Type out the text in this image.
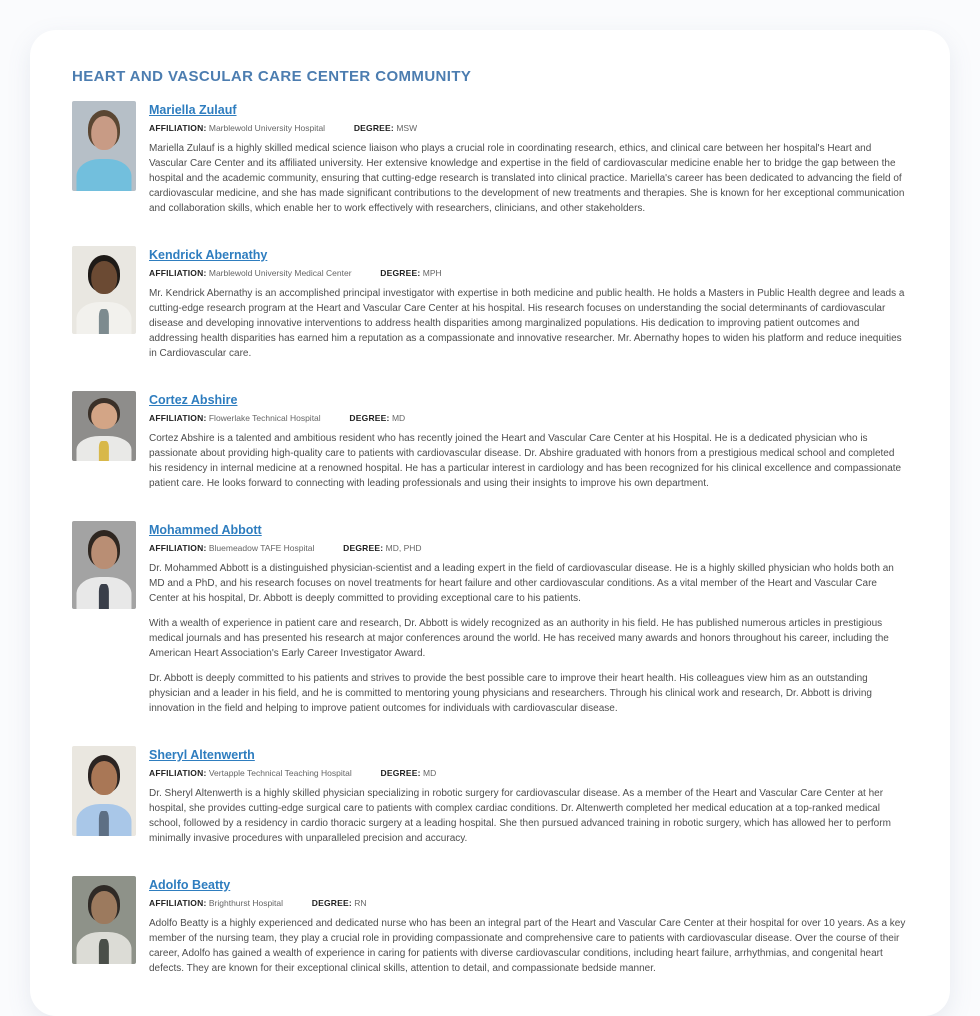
HEART AND VASCULAR CARE CENTER COMMUNITY
Mariella Zulauf
AFFILIATION: Marblewold University Hospital	DEGREE: MSW

Mariella Zulauf is a highly skilled medical science liaison who plays a crucial role in coordinating research, ethics, and clinical care between her hospital's Heart and Vascular Care Center and its affiliated university. Her extensive knowledge and expertise in the field of cardiovascular medicine enable her to bridge the gap between the hospital and the academic community, ensuring that cutting-edge research is translated into clinical practice. Mariella's career has been dedicated to advancing the field of cardiovascular medicine, and she has made significant contributions to the development of new treatments and therapies. She is known for her exceptional communication and collaboration skills, which enable her to work effectively with researchers, clinicians, and other stakeholders.

Kendrick Abernathy
AFFILIATION: Marblewold University Medical Center	DEGREE: MPH

Mr. Kendrick Abernathy is an accomplished principal investigator with expertise in both medicine and public health. He holds a Masters in Public Health degree and leads a cutting-edge research program at the Heart and Vascular Care Center at his hospital. His research focuses on understanding the social determinants of cardiovascular disease and developing innovative interventions to address health disparities among marginalized populations. His dedication to improving patient outcomes and addressing health disparities has earned him a reputation as a compassionate and innovative researcher. Mr. Abernathy hopes to widen his platform and reduce inequities in Cardiovascular care.

Cortez Abshire
AFFILIATION: Flowerlake Technical Hospital	DEGREE: MD

Cortez Abshire is a talented and ambitious resident who has recently joined the Heart and Vascular Care Center at his Hospital. He is a dedicated physician who is passionate about providing high-quality care to patients with cardiovascular disease. Dr. Abshire graduated with honors from a prestigious medical school and completed his residency in internal medicine at a renowned hospital. He has a particular interest in cardiology and has been recognized for his clinical excellence and compassionate patient care. He looks forward to connecting with leading professionals and using their insights to improve his own department.

Mohammed Abbott
AFFILIATION: Bluemeadow TAFE Hospital	DEGREE: MD, PHD

Dr. Mohammed Abbott is a distinguished physician-scientist and a leading expert in the field of cardiovascular disease. He is a highly skilled physician who holds both an MD and a PhD, and his research focuses on novel treatments for heart failure and other cardiovascular conditions. As a vital member of the Heart and Vascular Care Center at his hospital, Dr. Abbott is deeply committed to providing exceptional care to his patients.

With a wealth of experience in patient care and research, Dr. Abbott is widely recognized as an authority in his field. He has published numerous articles in prestigious medical journals and has presented his research at major conferences around the world. He has received many awards and honors throughout his career, including the American Heart Association's Early Career Investigator Award.

Dr. Abbott is deeply committed to his patients and strives to provide the best possible care to improve their heart health. His colleagues view him as an outstanding physician and a leader in his field, and he is committed to mentoring young physicians and researchers. Through his clinical work and research, Dr. Abbott is driving innovation in the field and helping to improve patient outcomes for individuals with cardiovascular disease.

Sheryl Altenwerth
AFFILIATION: Vertapple Technical Teaching Hospital	DEGREE: MD

Dr. Sheryl Altenwerth is a highly skilled physician specializing in robotic surgery for cardiovascular disease. As a member of the Heart and Vascular Care Center at her hospital, she provides cutting-edge surgical care to patients with complex cardiac conditions. Dr. Altenwerth completed her medical education at a top-ranked medical school, followed by a residency in cardio thoracic surgery at a leading hospital. She then pursued advanced training in robotic surgery, which has allowed her to perform minimally invasive procedures with unparalleled precision and accuracy.

Adolfo Beatty
AFFILIATION: Brighthurst Hospital	DEGREE: RN

Adolfo Beatty is a highly experienced and dedicated nurse who has been an integral part of the Heart and Vascular Care Center at their hospital for over 10 years. As a key member of the nursing team, they play a crucial role in providing compassionate and comprehensive care to patients with cardiovascular disease. Over the course of their career, Adolfo has gained a wealth of experience in caring for patients with diverse cardiovascular conditions, including heart failure, arrhythmias, and congenital heart defects. They are known for their exceptional clinical skills, attention to detail, and compassionate bedside manner.
